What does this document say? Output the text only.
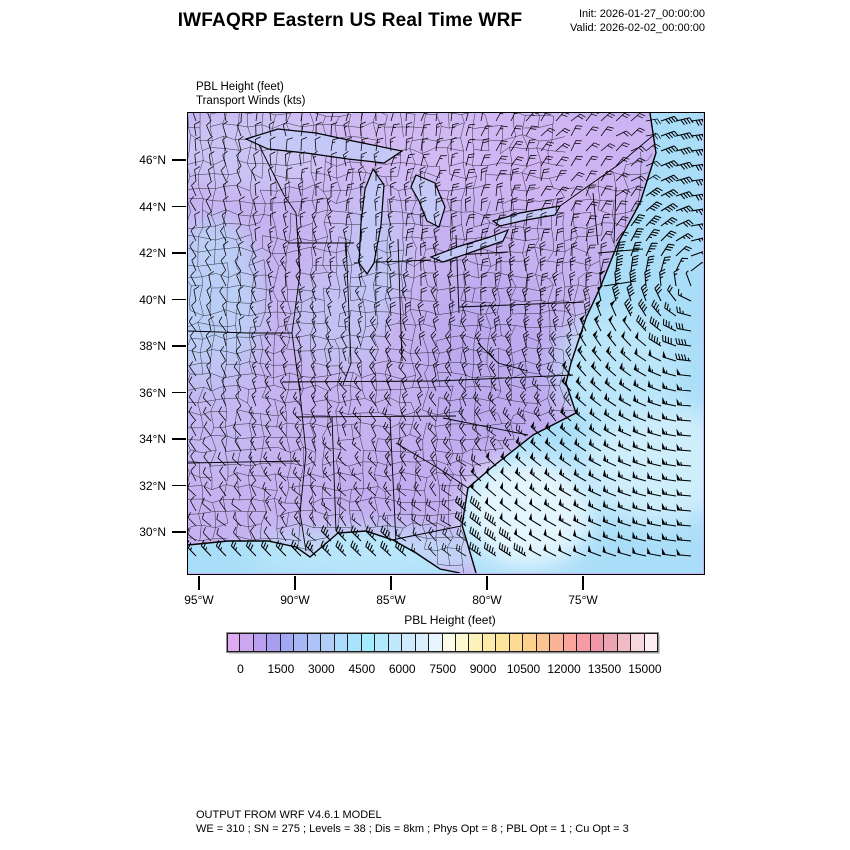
IWFAQRP Eastern US Real Time WRF	Init: 2026-01-27_00:00:00
Valid: 2026-02-02_00:00:00
PBL Height (feet)
Transport Winds (kts)
46°N
44°N
42°N
40°N
38°N
36°N
34°N
32°N
30°N
95°W	90°W	85°W	80°W	75°W
PBL Height (feet)
0	1500	3000	4500	6000	7500	9000 10500 12000 13500 15000
OUTPUT FROM WRF V4.6.1 MODEL
WE = 310 ; SN = 275 ; Levels = 38 ; Dis = 8km ; Phys Opt = 8 ; PBL Opt = 1 ; Cu Opt = 3
